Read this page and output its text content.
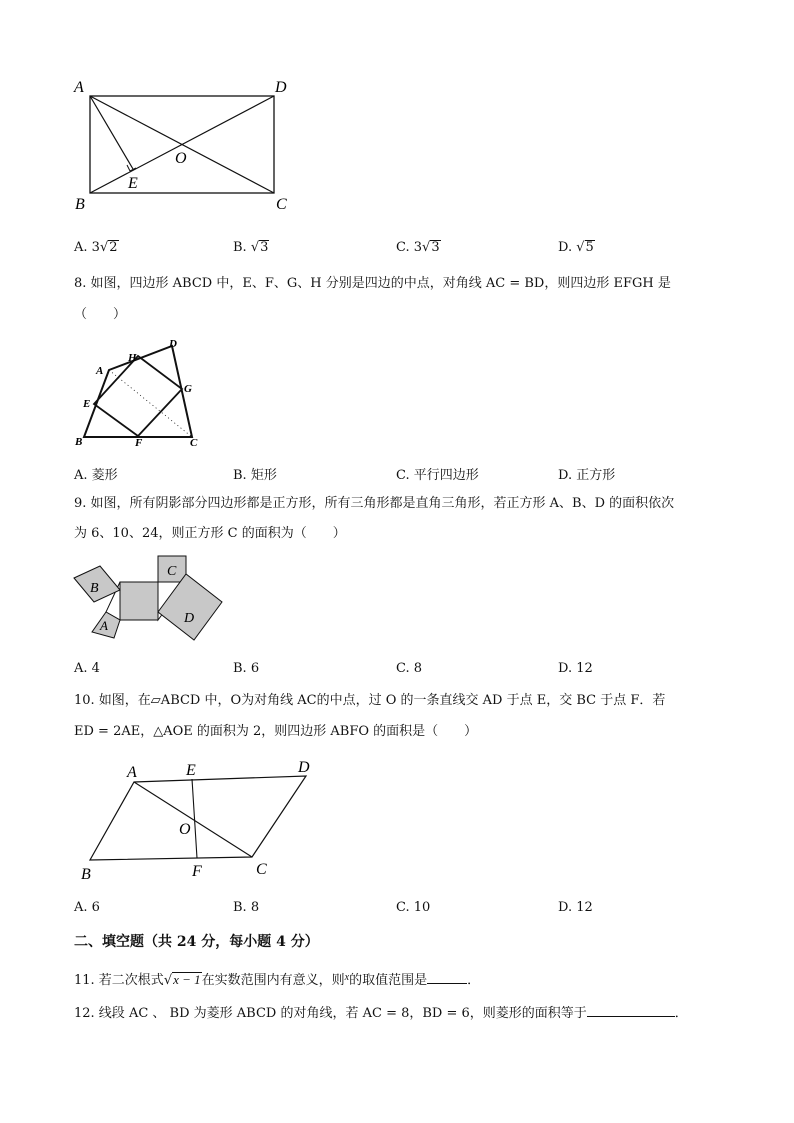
A	D
B	C
O
E
A. 3√2	B. √3	C. 3√3	D. √5
8. 如图，四边形 ABCD 中，E、F、G、H 分别是四边的中点，对角线 AC = BD，则四边形 EFGH 是
（　　）
A
H
D
G
E
B	F	C
A. 菱形	B. 矩形	C. 平行四边形	D. 正方形
9. 如图，所有阴影部分四边形都是正方形，所有三角形都是直角三角形，若正方形 A、B、D 的面积依次
为 6、10、24，则正方形 C 的面积为（　　）
B
A
C
D
A. 4	B. 6	C. 8	D. 12
10. 如图，在▱ABCD 中，O为对角线 AC的中点，过 O 的一条直线交 AD 于点 E，交 BC 于点 F．若
ED = 2AE，△AOE 的面积为 2，则四边形 ABFO 的面积是（　　）
A	E	D
O
B	F	C
A. 6	B. 8	C. 10	D. 12
二、填空题（共 24 分，每小题 4 分）
11. 若二次根式√x − 1在实数范围内有意义，则$^x$的取值范围是	．
12. 线段 AC 、 BD 为菱形 ABCD 的对角线，若 AC = 8，BD = 6，则菱形的面积等于	．
